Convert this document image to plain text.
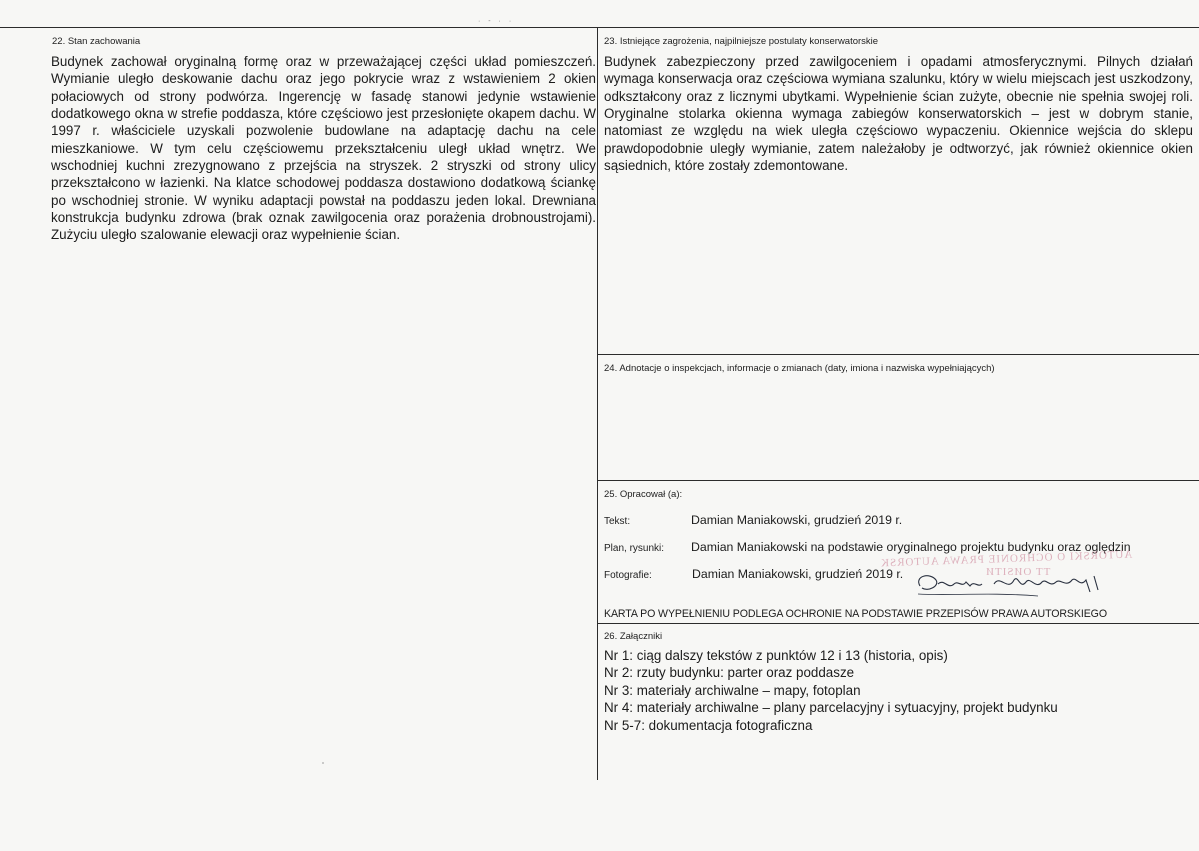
· ‐ · ·
22. Stan zachowania

Budynek zachował oryginalną formę oraz w przeważającej części układ pomieszczeń. Wymianie uległo deskowanie dachu oraz jego pokrycie wraz z wstawieniem 2 okien połaciowych od strony podwórza. Ingerencję w fasadę stanowi jedynie wstawienie dodatkowego okna w strefie poddasza, które częściowo jest przesłonięte okapem dachu. W 1997 r. właściciele uzyskali pozwolenie budowlane na adaptację dachu na cele mieszkaniowe. W tym celu częściowemu przekształceniu uległ układ wnętrz. We wschodniej kuchni zrezygnowano z przejścia na stryszek. 2 stryszki od strony ulicy przekształcono w łazienki. Na klatce schodowej poddasza dostawiono dodatkową ściankę po wschodniej stronie. W wyniku adaptacji powstał na poddaszu jeden lokal. Drewniana konstrukcja budynku zdrowa (brak oznak zawilgocenia oraz porażenia drobnoustrojami). Zużyciu uległo szalowanie elewacji oraz wypełnienie ścian.

23. Istniejące zagrożenia, najpilniejsze postulaty konserwatorskie

Budynek zabezpieczony przed zawilgoceniem i opadami atmosferycznymi. Pilnych działań wymaga konserwacja oraz częściowa wymiana szalunku, który w wielu miejscach jest uszkodzony, odkształcony oraz z licznymi ubytkami. Wypełnienie ścian zużyte, obecnie nie spełnia swojej roli. Oryginalne stolarka okienna wymaga zabiegów konserwatorskich – jest w dobrym stanie, natomiast ze względu na wiek uległa częściowo wypaczeniu. Okiennice wejścia do sklepu prawdopodobnie uległy wymianie, zatem należałoby je odtworzyć, jak również okiennice okien sąsiednich, które zostały zdemontowane.

24. Adnotacje o inspekcjach, informacje o zmianach (daty, imiona i nazwiska wypełniających)
25. Opracował (a):
Tekst:	Damian Maniakowski, grudzień 2019 r.
Plan, rysunki: Damian Maniakowski na podstawie oryginalnego projektu budynku oraz oględzin
Fotografie:	Damian Maniakowski, grudzień 2019 r.
AUTORSKI O OCHRONIE PRAWA AUTORSK
TT ОИЅIТИ
KARTA PO WYPEŁNIENIU PODLEGA OCHRONIE NA PODSTAWIE PRZEPISÓW PRAWA AUTORSKIEGO
26. Załączniki
Nr 1: ciąg dalszy tekstów z punktów 12 i 13 (historia, opis)
Nr 2: rzuty budynku: parter oraz poddasze
Nr 3: materiały archiwalne – mapy, fotoplan
Nr 4: materiały archiwalne – plany parcelacyjny i sytuacyjny, projekt budynku
Nr 5-7: dokumentacja fotograficzna
